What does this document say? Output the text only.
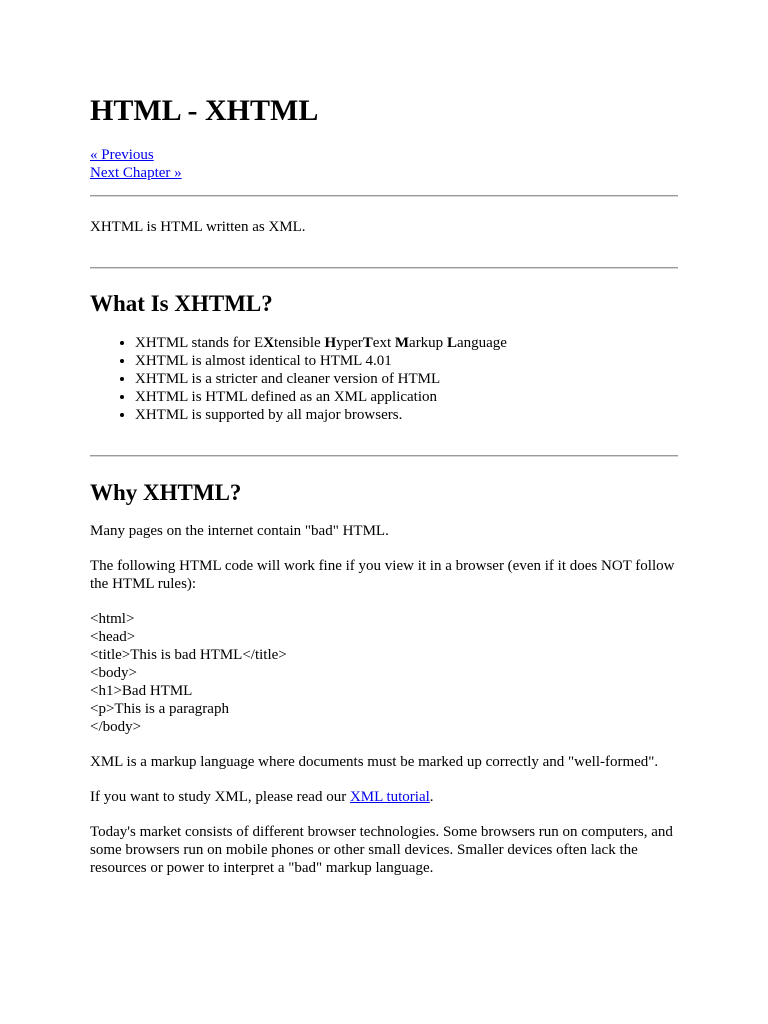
HTML - XHTML
« Previous
Next Chapter »

XHTML is HTML written as XML.

What Is XHTML?
• XHTML stands for EXtensible HyperText Markup Language
• XHTML is almost identical to HTML 4.01
• XHTML is a stricter and cleaner version of HTML
• XHTML is HTML defined as an XML application
• XHTML is supported by all major browsers.
Why XHTML?

Many pages on the internet contain "bad" HTML.

The following HTML code will work fine if you view it in a browser (even if it does NOT follow the HTML rules):

<html>
<head>
<title>This is bad HTML</title>
<body>
<h1>Bad HTML
<p>This is a paragraph
</body>

XML is a markup language where documents must be marked up correctly and "well-formed".

If you want to study XML, please read our XML tutorial.

Today's market consists of different browser technologies. Some browsers run on computers, and some browsers run on mobile phones or other small devices. Smaller devices often lack the resources or power to interpret a "bad" markup language.
